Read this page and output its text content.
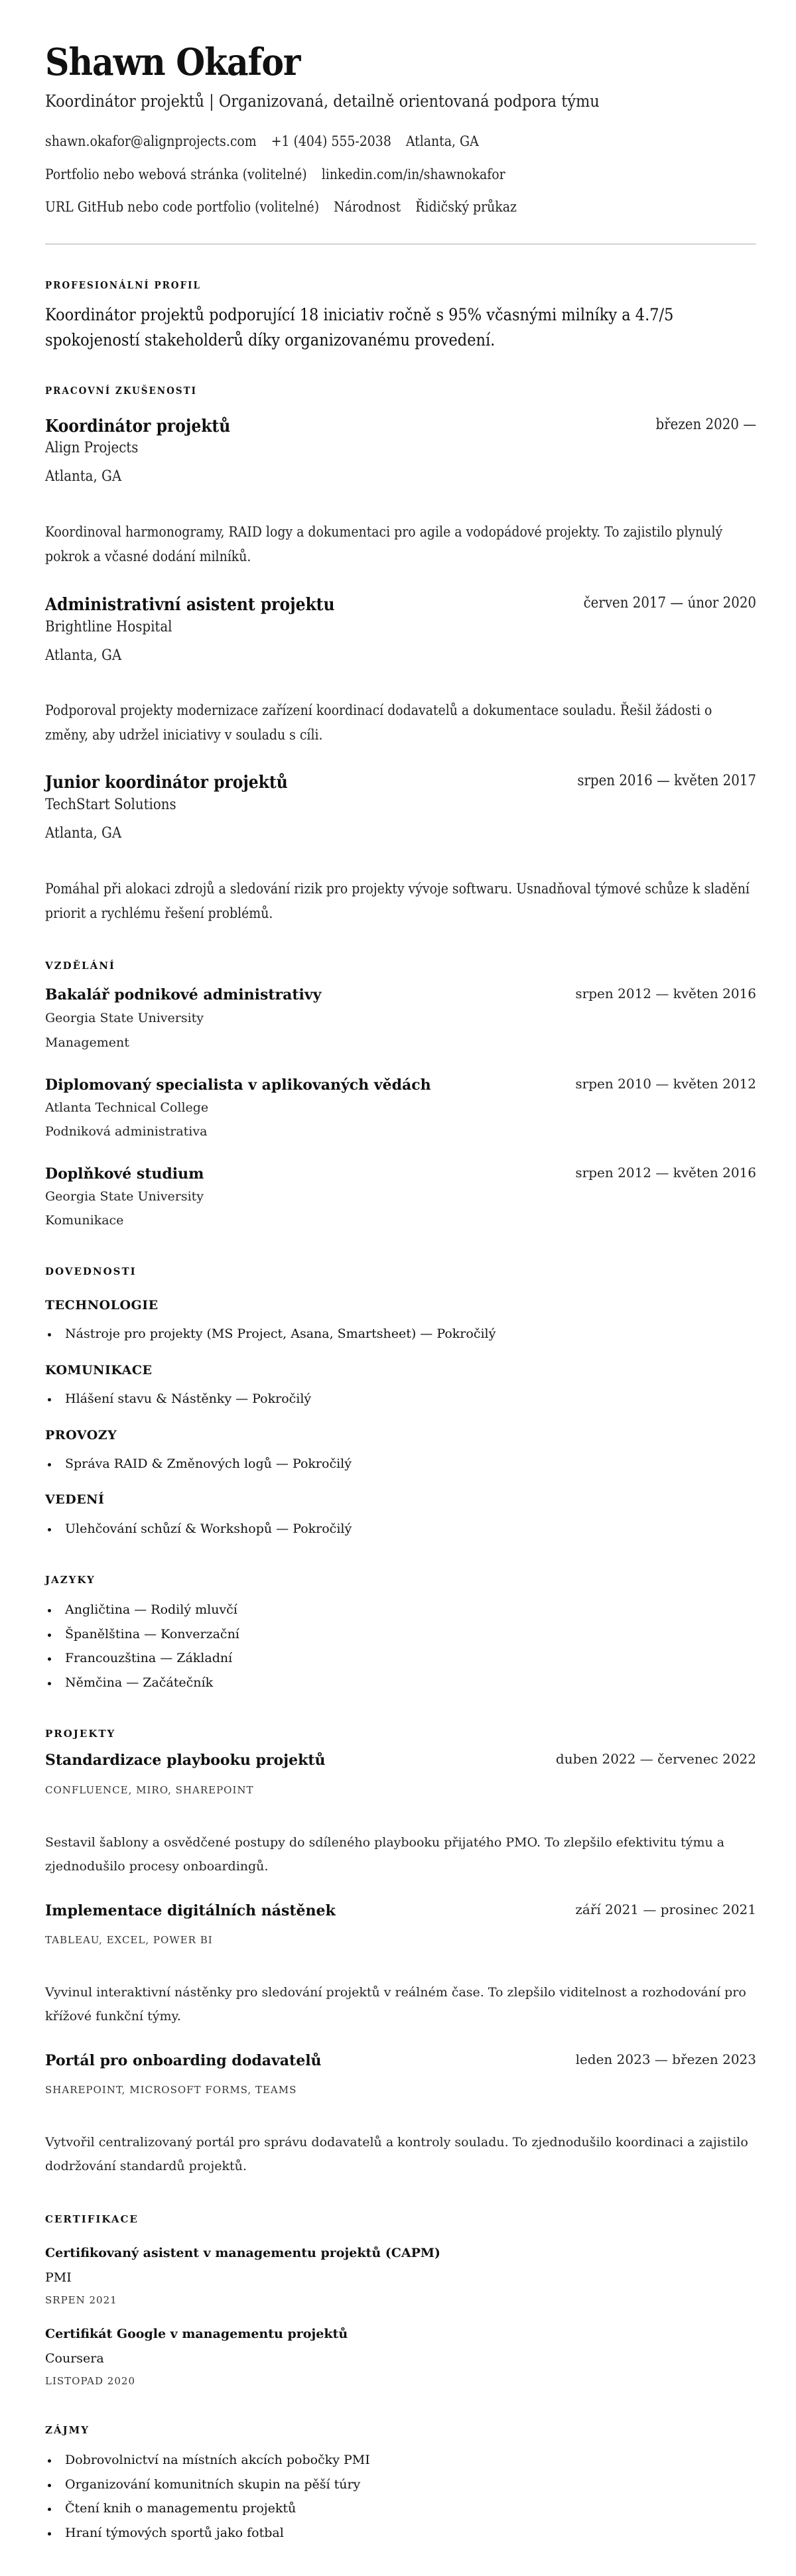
Shawn Okafor
Koordinátor projektů | Organizovaná, detailně orientovaná podpora týmu
shawn.okafor@alignprojects.com +1 (404) 555-2038 Atlanta, GA
Portfolio nebo webová stránka (volitelné) linkedin.com/in/shawnokafor
URL GitHub nebo code portfolio (volitelné) Národnost Řidičský průkaz
PROFESIONÁLNÍ PROFIL
Koordinátor projektů podporující 18 iniciativ ročně s 95% včasnými milníky a 4.7/5 spokojeností stakeholderů díky organizovanému provedení.
PRACOVNÍ ZKUŠENOSTI
Koordinátor projektů	březen 2020 —
Align Projects
Atlanta, GA
Koordinoval harmonogramy, RAID logy a dokumentaci pro agile a vodopádové projekty. To zajistilo plynulý pokrok a včasné dodání milníků.
Administrativní asistent projektu	červen 2017 — únor 2020
Brightline Hospital
Atlanta, GA
Podporoval projekty modernizace zařízení koordinací dodavatelů a dokumentace souladu. Řešil žádosti o změny, aby udržel iniciativy v souladu s cíli.
Junior koordinátor projektů	srpen 2016 — květen 2017
TechStart Solutions
Atlanta, GA
Pomáhal při alokaci zdrojů a sledování rizik pro projekty vývoje softwaru. Usnadňoval týmové schůze k sladění priorit a rychlému řešení problémů.
VZDĚLÁNÍ
Bakalář podnikové administrativy	srpen 2012 — květen 2016
Georgia State University
Management
Diplomovaný specialista v aplikovaných vědách	srpen 2010 — květen 2012
Atlanta Technical College
Podniková administrativa
Doplňkové studium	srpen 2012 — květen 2016
Georgia State University
Komunikace
DOVEDNOSTI
TECHNOLOGIE
Nástroje pro projekty (MS Project, Asana, Smartsheet) — Pokročilý
KOMUNIKACE
Hlášení stavu & Nástěnky — Pokročilý
PROVOZY
Správa RAID & Změnových logů — Pokročilý
VEDENÍ
Ulehčování schůzí & Workshopů — Pokročilý
JAZYKY
Angličtina — Rodilý mluvčí
Španělština — Konverzační
Francouzština — Základní
Němčina — Začátečník
PROJEKTY
Standardizace playbooku projektů	duben 2022 — červenec 2022
CONFLUENCE, MIRO, SHAREPOINT
Sestavil šablony a osvědčené postupy do sdíleného playbooku přijatého PMO. To zlepšilo efektivitu týmu a zjednodušilo procesy onboardingů.
Implementace digitálních nástěnek	září 2021 — prosinec 2021
TABLEAU, EXCEL, POWER BI
Vyvinul interaktivní nástěnky pro sledování projektů v reálném čase. To zlepšilo viditelnost a rozhodování pro křížové funkční týmy.
Portál pro onboarding dodavatelů	leden 2023 — březen 2023
SHAREPOINT, MICROSOFT FORMS, TEAMS
Vytvořil centralizovaný portál pro správu dodavatelů a kontroly souladu. To zjednodušilo koordinaci a zajistilo dodržování standardů projektů.
CERTIFIKACE
Certifikovaný asistent v managementu projektů (CAPM)
PMI
SRPEN 2021
Certifikát Google v managementu projektů
Coursera
LISTOPAD 2020
ZÁJMY
Dobrovolnictví na místních akcích pobočky PMI
Organizování komunitních skupin na pěší túry
Čtení knih o managementu projektů
Hraní týmových sportů jako fotbal
